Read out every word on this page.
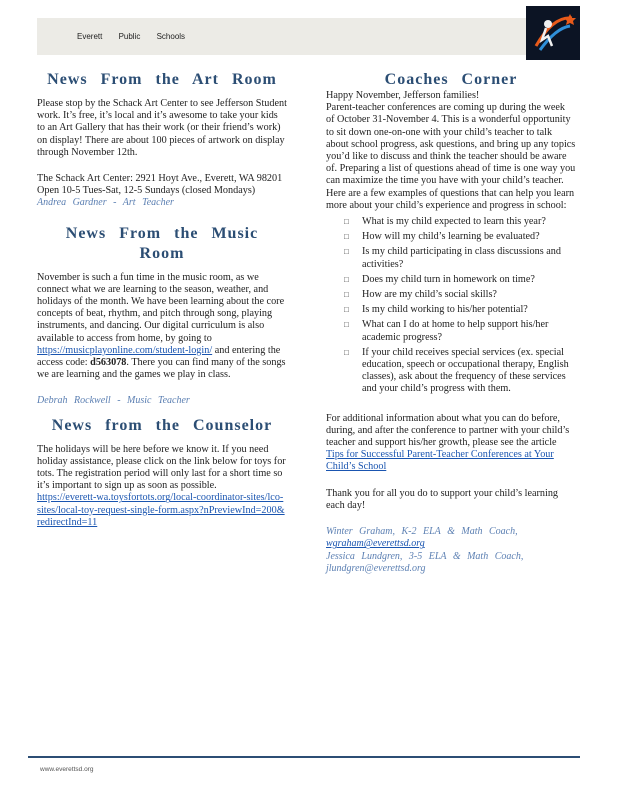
Everett Public Schools
News From the Art Room

Please stop by the Schack Art Center to see Jefferson Student work. It’s free, it’s local and it’s awesome to take your kids to an Art Gallery that has their work (or their friend’s work) on display! There are about 100 pieces of artwork on display through November 12th.

The Schack Art Center: 2921 Hoyt Ave., Everett, WA 98201

Open 10-5 Tues-Sat, 12-5 Sundays (closed Mondays)

Andrea Gardner - Art Teacher

News From the Music Room

November is such a fun time in the music room, as we connect what we are learning to the season, weather, and holidays of the month. We have been learning about the core concepts of beat, rhythm, and pitch through song, playing instruments, and dancing. Our digital curriculum is also available to access from home, by going to https://musicplayonline.com/student-login/ and entering the access code: d563078. There you can find many of the songs we are learning and the games we play in class.

Debrah Rockwell - Music Teacher

News from the Counselor

The holidays will be here before we know it. If you need holiday assistance, please click on the link below for toys for tots. The registration period will only last for a short time so it’s important to sign up as soon as possible.

https://everett-wa.toysfortots.org/local-coordinator-sites/lco-sites/local-toy-request-single-form.aspx?nPreviewInd=200&redirectInd=11

Coaches Corner

Happy November, Jefferson families!

Parent-teacher conferences are coming up during the week of October 31-November 4. This is a wonderful opportunity to sit down one-on-one with your child’s teacher to talk about school progress, ask questions, and bring up any topics you’d like to discuss and think the teacher should be aware of. Preparing a list of questions ahead of time is one way you can maximize the time you have with your child’s teacher. Here are a few examples of questions that can help you learn more about your child’s experience and progress in school:

□ What is my child expected to learn this year?
□ How will my child’s learning be evaluated?
□ Is my child participating in class discussions and activities?
□ Does my child turn in homework on time?
□ How are my child’s social skills?
□ Is my child working to his/her potential?
□ What can I do at home to help support his/her academic progress?
□ If your child receives special services (ex. special education, speech or occupational therapy, English classes), ask about the frequency of these services and your child’s progress with them.

For additional information about what you can do before, during, and after the conference to partner with your child’s teacher and support his/her growth, please see the article Tips for Successful Parent-Teacher Conferences at Your Child’s School

Thank you for all you do to support your child’s learning each day!

Winter Graham, K-2 ELA & Math Coach,

wgraham@everettsd.org

Jessica Lundgren, 3-5 ELA & Math Coach,

jlundgren@everettsd.org

www.everettsd.org
